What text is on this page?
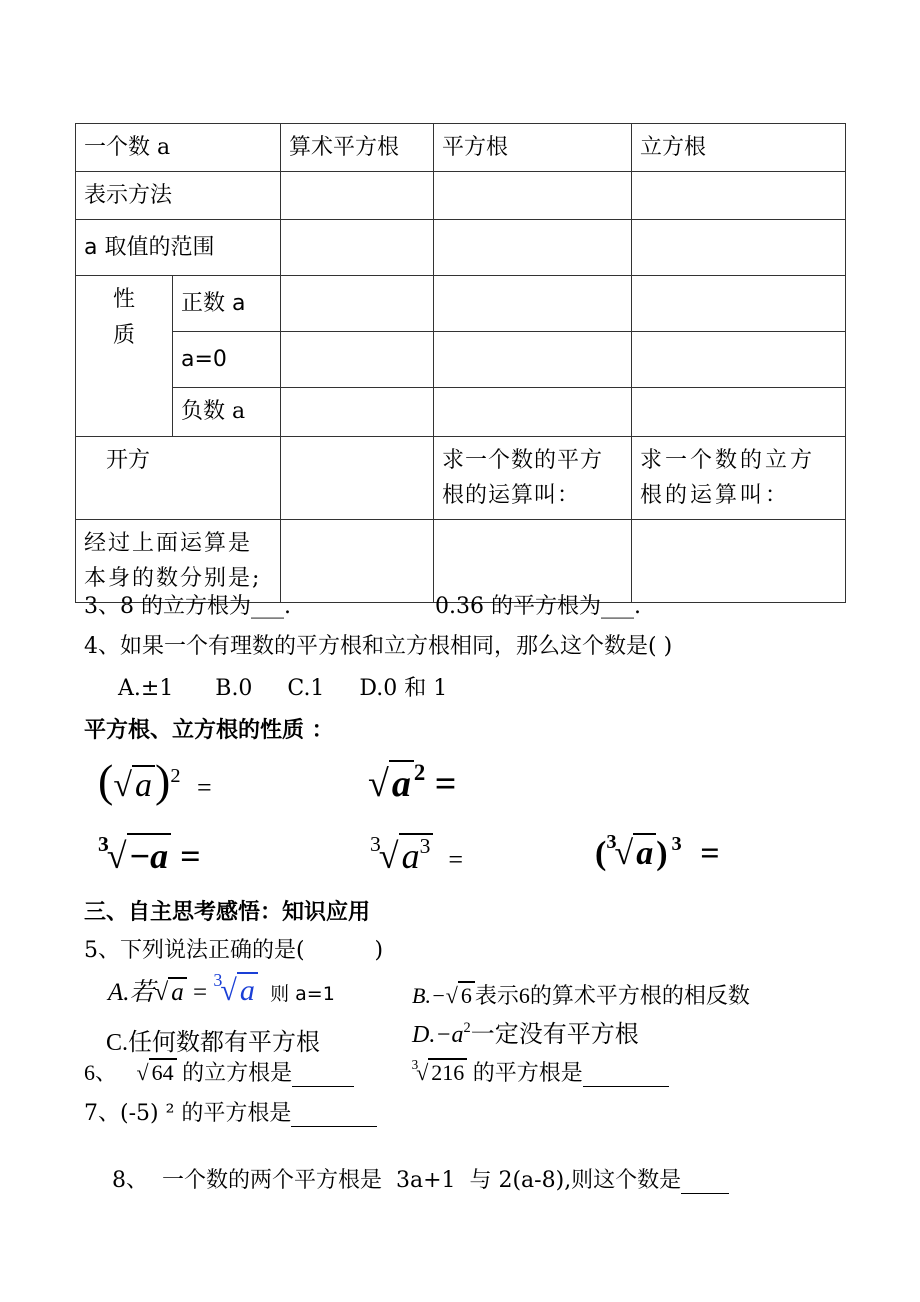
一个数 a		算术平方根	平方根	立方根
表示方法				
a 取值的范围				

性
质	正数 a			
	a=0			
	负数 a			
开方			求一个数的平方根的运算叫：	求一个数的立方根的运算叫：

经过上面运算是
本身的数分别是;				

3、8 的立方根为___.	0.36 的平方根为___.
4、如果一个有理数的平方根和立方根相同，那么这个数是( )
A.±1      B.0     C.1     D.0 和 1
平方根、立方根的性质 ：
$(√a)^2$ =	√a $^2$ =
$^3$√−a =	$^3√a^3$ =	($^3$√a) $^3$ =
三、自主思考感悟：知识应用
5、下列说法正确的是(          )
A.若√ a = $^3$√ a 则 a=1	B.−√ 6 表示6的算术平方根的相反数
C.任何数都有平方根	$D.-a^2$一定没有平方根
6、 √ 64 的立方根是	$^3$√ 216 的平方根是
7、(-5) ² 的平方根是

8、  一个数的两个平方根是  3a+1  与 2(a-8),则这个数是
